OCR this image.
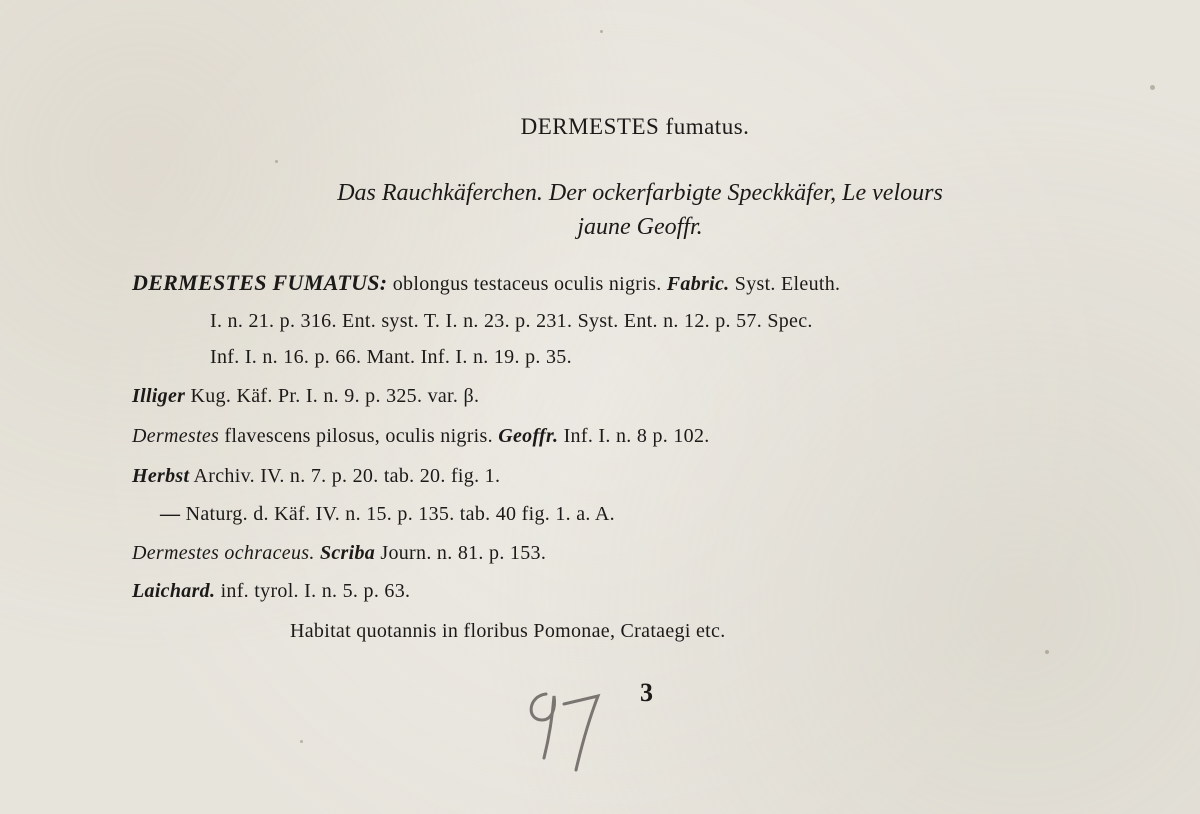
DERMESTES fumatus.
Das Rauchkäferchen. Der ockerfarbigte Speckkäfer, Le velours
jaune Geoffr.
DERMESTES FUMATUS: oblongus testaceus oculis nigris. Fabric. Syst. Eleuth.
I. n. 21. p. 316. Ent. syst. T. I. n. 23. p. 231. Syst. Ent. n. 12. p. 57. Spec.
Inf. I. n. 16. p. 66. Mant. Inf. I. n. 19. p. 35.
Illiger Kug. Käf. Pr. I. n. 9. p. 325. var. β.
Dermestes flavescens pilosus, oculis nigris. Geoffr. Inf. I. n. 8 p. 102.
Herbst Archiv. IV. n. 7. p. 20. tab. 20. fig. 1.
— Naturg. d. Käf. IV. n. 15. p. 135. tab. 40 fig. 1. a. A.
Dermestes ochraceus. Scriba Journ. n. 81. p. 153.
Laichard. inf. tyrol. I. n. 5. p. 63.
Habitat quotannis in floribus Pomonae, Crataegi etc.
97	3
